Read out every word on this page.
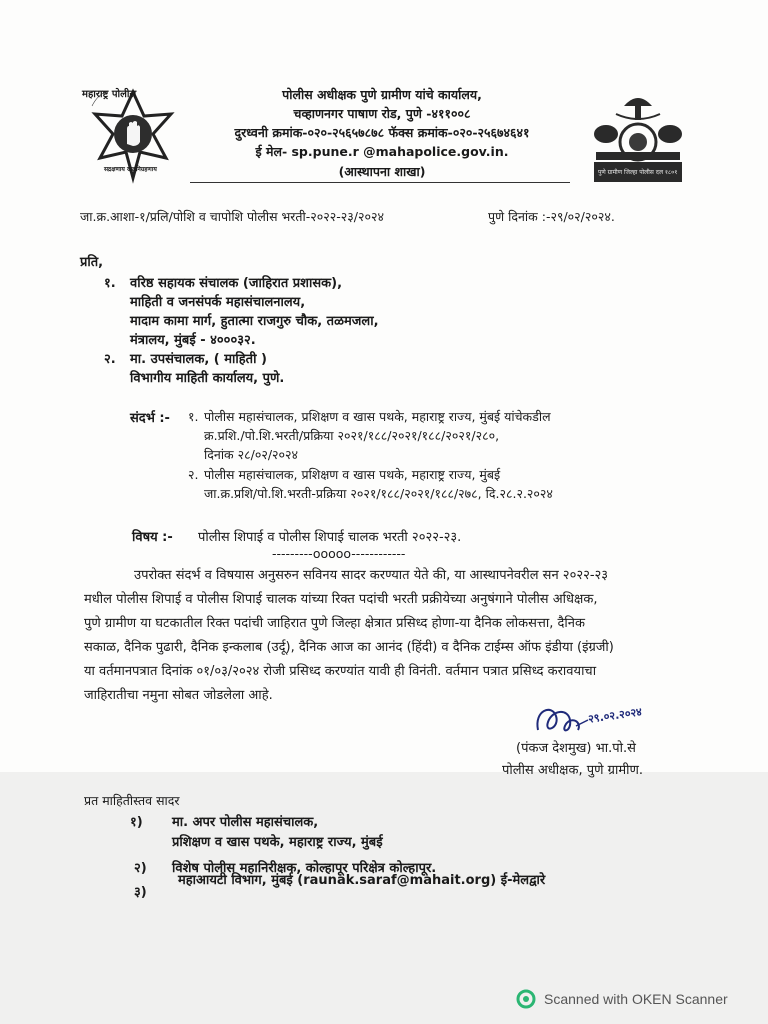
महाराष्ट्र पोलीस
सद्रक्षणाय खलनिग्रहणाय	पुणे ग्रामीण जिल्हा पोलीस दल १८०१
पोलीस अधीक्षक पुणे ग्रामीण यांचे कार्यालय,
चव्हाणनगर पाषाण रोड, पुणे -४११००८
दुरध्वनी क्रमांक-०२०-२५६५७८७८ फॅक्स क्रमांक-०२०-२५६७४६४१
ई मेल- sp.pune.r @mahapolice.gov.in.
(आस्थापना शाखा)
जा.क्र.आशा-१/प्रलि/पोशि व चापोशि पोलीस भरती-२०२२-२३/२०२४	पुणे दिनांक :-२९/०२/२०२४.
प्रति,
१. वरिष्ठ सहायक संचालक (जाहिरात प्रशासक),
माहिती व जनसंपर्क महासंचालनालय,
मादाम कामा मार्ग, हुतात्मा राजगुरु चौक, तळमजला,
मंत्रालय, मुंबई - ४०००३२.
२. मा. उपसंचालक, ( माहिती )
विभागीय माहिती कार्यालय, पुणे.
संदर्भ :- १. पोलीस महासंचालक, प्रशिक्षण व खास पथके, महाराष्ट्र राज्य, मुंबई यांचेकडील
क्र.प्रशि./पो.शि.भरती/प्रक्रिया २०२१/१८८/२०२१/१८८/२०२१/२८०,
दिनांक २८/०२/२०२४
२. पोलीस महासंचालक, प्रशिक्षण व खास पथके, महाराष्ट्र राज्य, मुंबई
जा.क्र.प्रशि/पो.शि.भरती-प्रक्रिया २०२१/१८८/२०२१/१८८/२७८, दि.२८.२.२०२४
विषय :- पोलीस शिपाई व पोलीस शिपाई चालक भरती २०२२-२३.
---------ooooo------------
उपरोक्त संदर्भ व विषयास अनुसरुन सविनय सादर करण्यात येते की, या आस्थापनेवरील सन २०२२-२३
मधील पोलीस शिपाई व पोलीस शिपाई चालक यांच्या रिक्त पदांची भरती प्रक्रीयेच्या अनुषंगाने पोलीस अधिक्षक,
पुणे ग्रामीण या घटकातील रिक्त पदांची जाहिरात पुणे जिल्हा क्षेत्रात प्रसिध्द होणा-या दैनिक लोकसत्ता, दैनिक
सकाळ, दैनिक पुढारी, दैनिक इन्कलाब (उर्दू), दैनिक आज का आनंद (हिंदी) व दैनिक टाईम्स ऑफ इंडीया (इंग्रजी)
या वर्तमानपत्रात दिनांक ०१/०३/२०२४ रोजी प्रसिध्द करण्यांत यावी ही विनंती. वर्तमान पत्रात प्रसिध्द करावयाचा
जाहिरातीचा नमुना सोबत जोडलेला आहे.
२९.०२.२०२४
(पंकज देशमुख) भा.पो.से
पोलीस अधीक्षक, पुणे ग्रामीण.
प्रत माहितीस्तव सादर
१) मा. अपर पोलीस महासंचालक,
प्रशिक्षण व खास पथके, महाराष्ट्र राज्य, मुंबई
२) विशेष पोलीस महानिरीक्षक, कोल्हापूर परिक्षेत्र कोल्हापूर.
३)
महाआयटी विभाग, मुंबई (raunak.saraf@mahait.org) ई-मेलद्वारे
Scanned with OKEN Scanner
